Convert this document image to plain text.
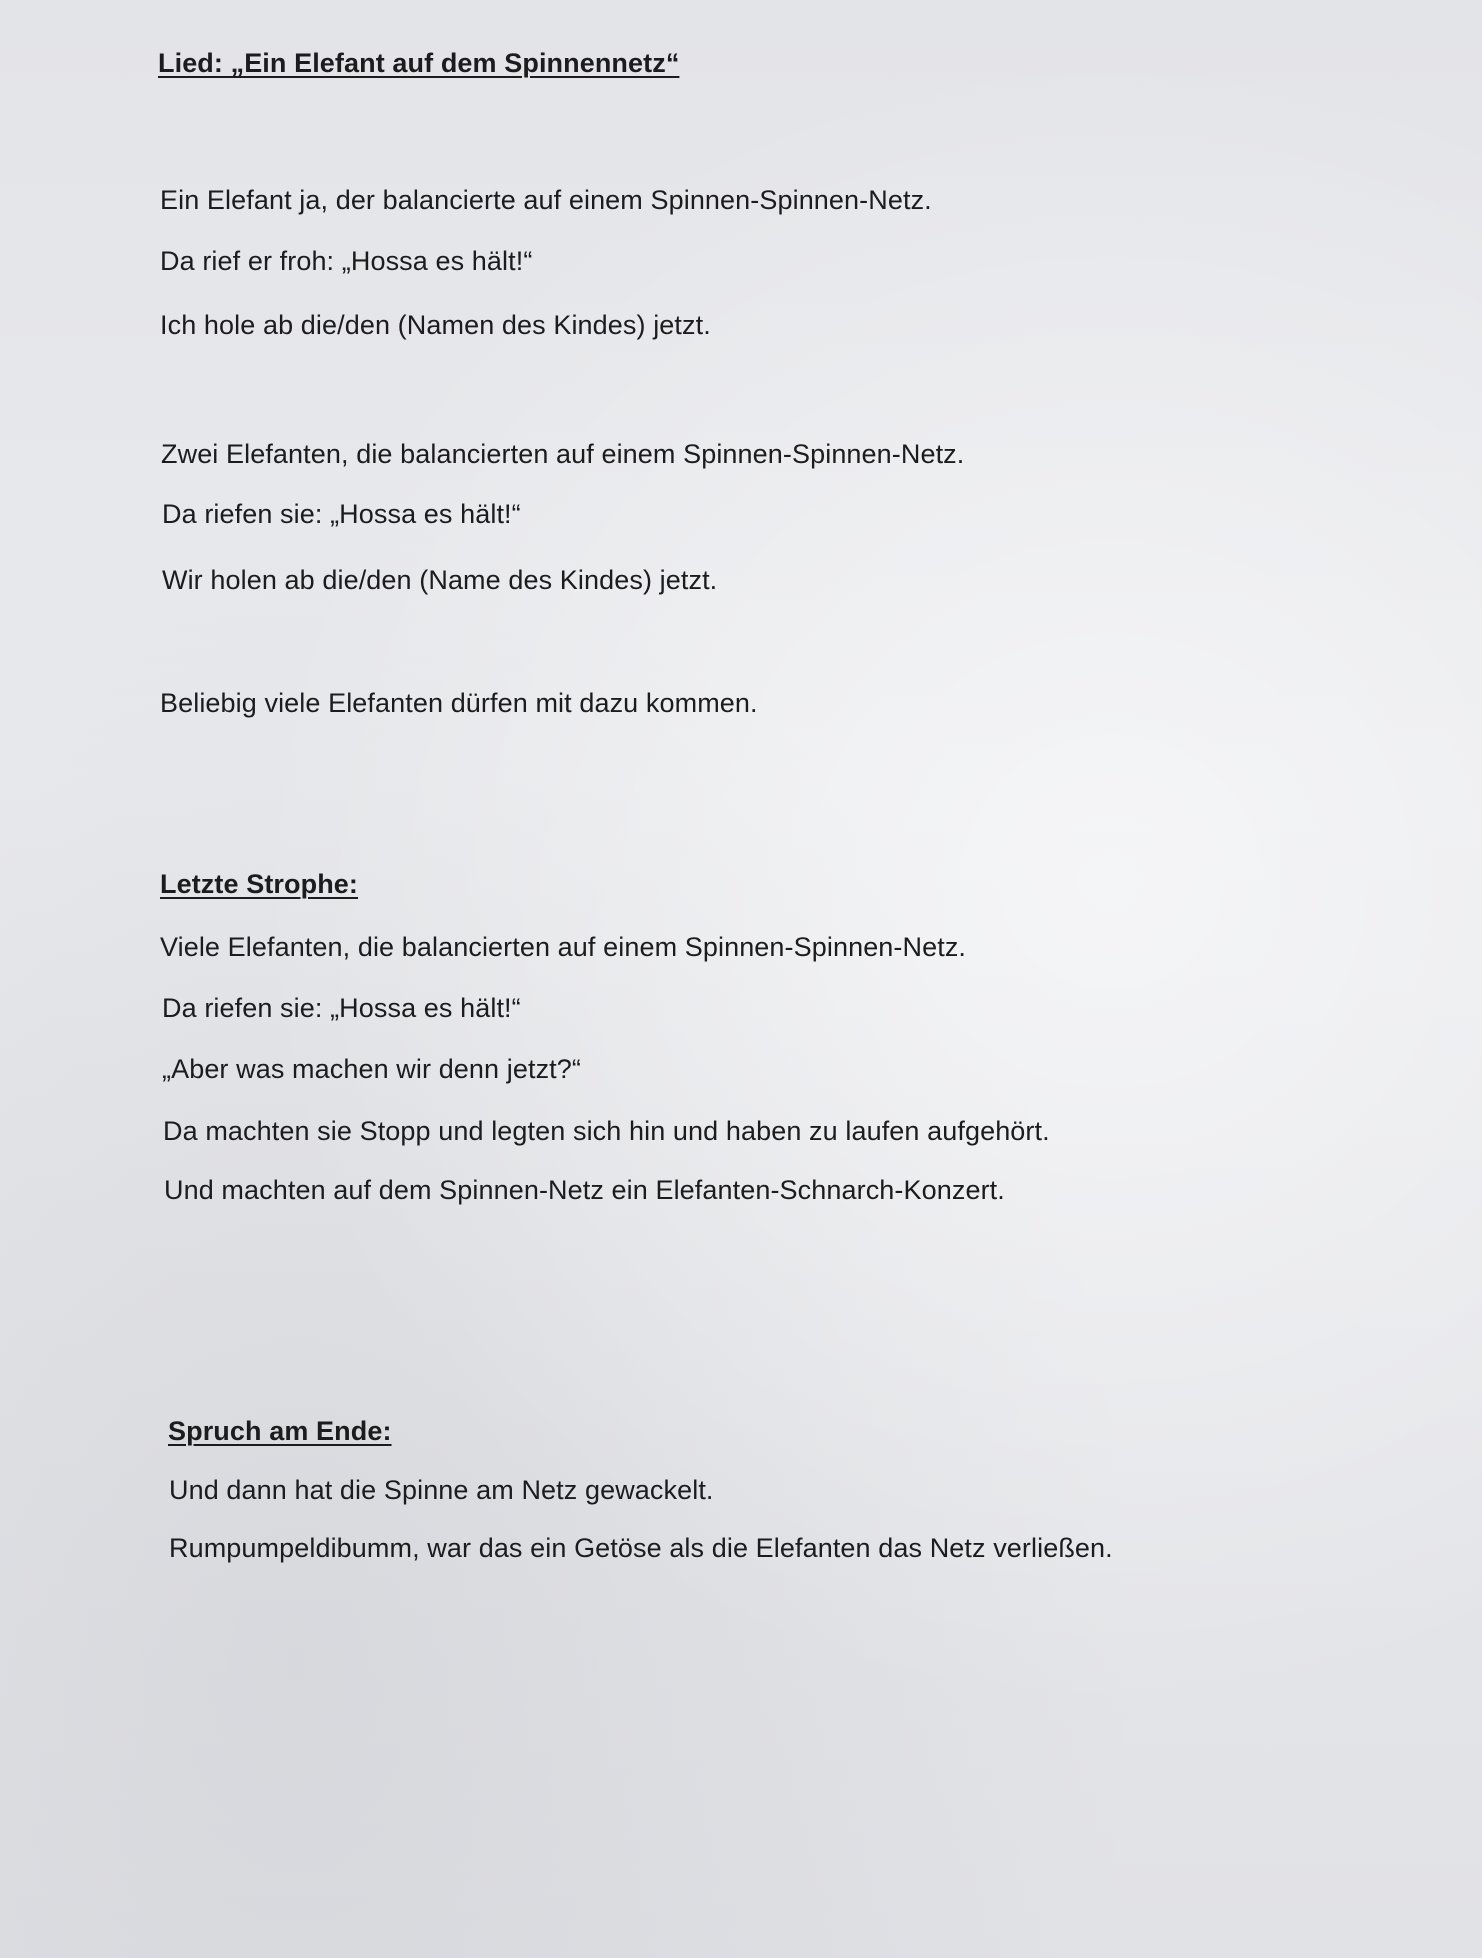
Lied: „Ein Elefant auf dem Spinnennetz“

Ein Elefant ja, der balancierte auf einem Spinnen-Spinnen-Netz.

Da rief er froh: „Hossa es hält!“

Ich hole ab die/den (Namen des Kindes) jetzt.

Zwei Elefanten, die balancierten auf einem Spinnen-Spinnen-Netz.

Da riefen sie: „Hossa es hält!“

Wir holen ab die/den (Name des Kindes) jetzt.

Beliebig viele Elefanten dürfen mit dazu kommen.

Letzte Strophe:

Viele Elefanten, die balancierten auf einem Spinnen-Spinnen-Netz.

Da riefen sie: „Hossa es hält!“

„Aber was machen wir denn jetzt?“

Da machten sie Stopp und legten sich hin und haben zu laufen aufgehört.

Und machten auf dem Spinnen-Netz ein Elefanten-Schnarch-Konzert.

Spruch am Ende:

Und dann hat die Spinne am Netz gewackelt.

Rumpumpeldibumm, war das ein Getöse als die Elefanten das Netz verließen.
